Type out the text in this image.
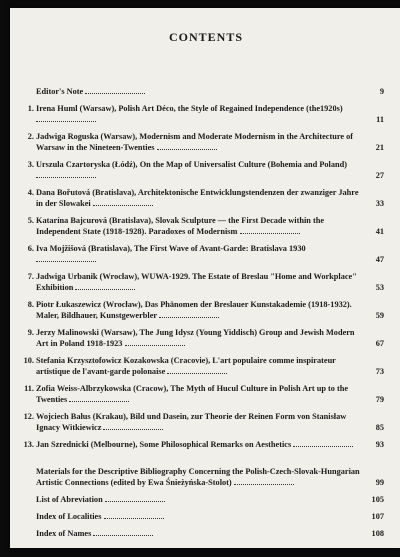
CONTENTS
Editor's Note	9
1. Irena Huml (Warsaw), Polish Art Déco, the Style of Regained Independence (the1920s)
11
2. Jadwiga Roguska (Warsaw), Modernism and Moderate Modernism in the Architecture of Warsaw in the Nineteen-Twenties	21
3. Urszula Czartoryska (Łódź), On the Map of Universalist Culture (Bohemia and Poland)
27
4. Dana Bořutová (Bratislava), Architektonische Entwicklungstendenzen der zwanziger Jahre in der Slowakei	33
5. Katarína Bajcurová (Bratislava), Slovak Sculpture — the First Decade within the Independent State (1918-1928). Paradoxes of Modernism	41
6. Iva Mojžišová (Bratislava), The First Wave of Avant-Garde: Bratislava 1930
47
7. Jadwiga Urbanik (Wrocław), WUWA-1929. The Estate of Breslau "Home and Workplace" Exhibition	53
8. Piotr Łukaszewicz (Wrocław), Das Phänomen der Breslauer Kunstakademie (1918-1932). Maler, Bildhauer, Kunstgewerbler	59
9. Jerzy Malinowski (Warsaw), The Jung Idysz (Young Yiddisch) Group and Jewish Modern Art in Poland 1918-1923	67
10. Stefania Krzysztofowicz Kozakowska (Cracovie), L'art populaire comme inspirateur artistique de l'avant-garde polonaise	73
11. Zofia Weiss-Albrzykowska (Cracow), The Myth of Hucul Culture in Polish Art up to the Twenties	79
12. Wojciech Bałus (Krakau), Bild und Dasein, zur Theorie der Reinen Form von Stanisław Ignacy Witkiewicz	85
13. Jan Szrednicki (Melbourne), Some Philosophical Remarks on Aesthetics	93
Materials for the Descriptive Bibliography Concerning the Polish-Czech-Slovak-Hungarian Artistic Connections (edited by Ewa Śnieżyńska-Stolot)	99
List of Abreviation	105
Index of Localities	107
Index of Names	108
